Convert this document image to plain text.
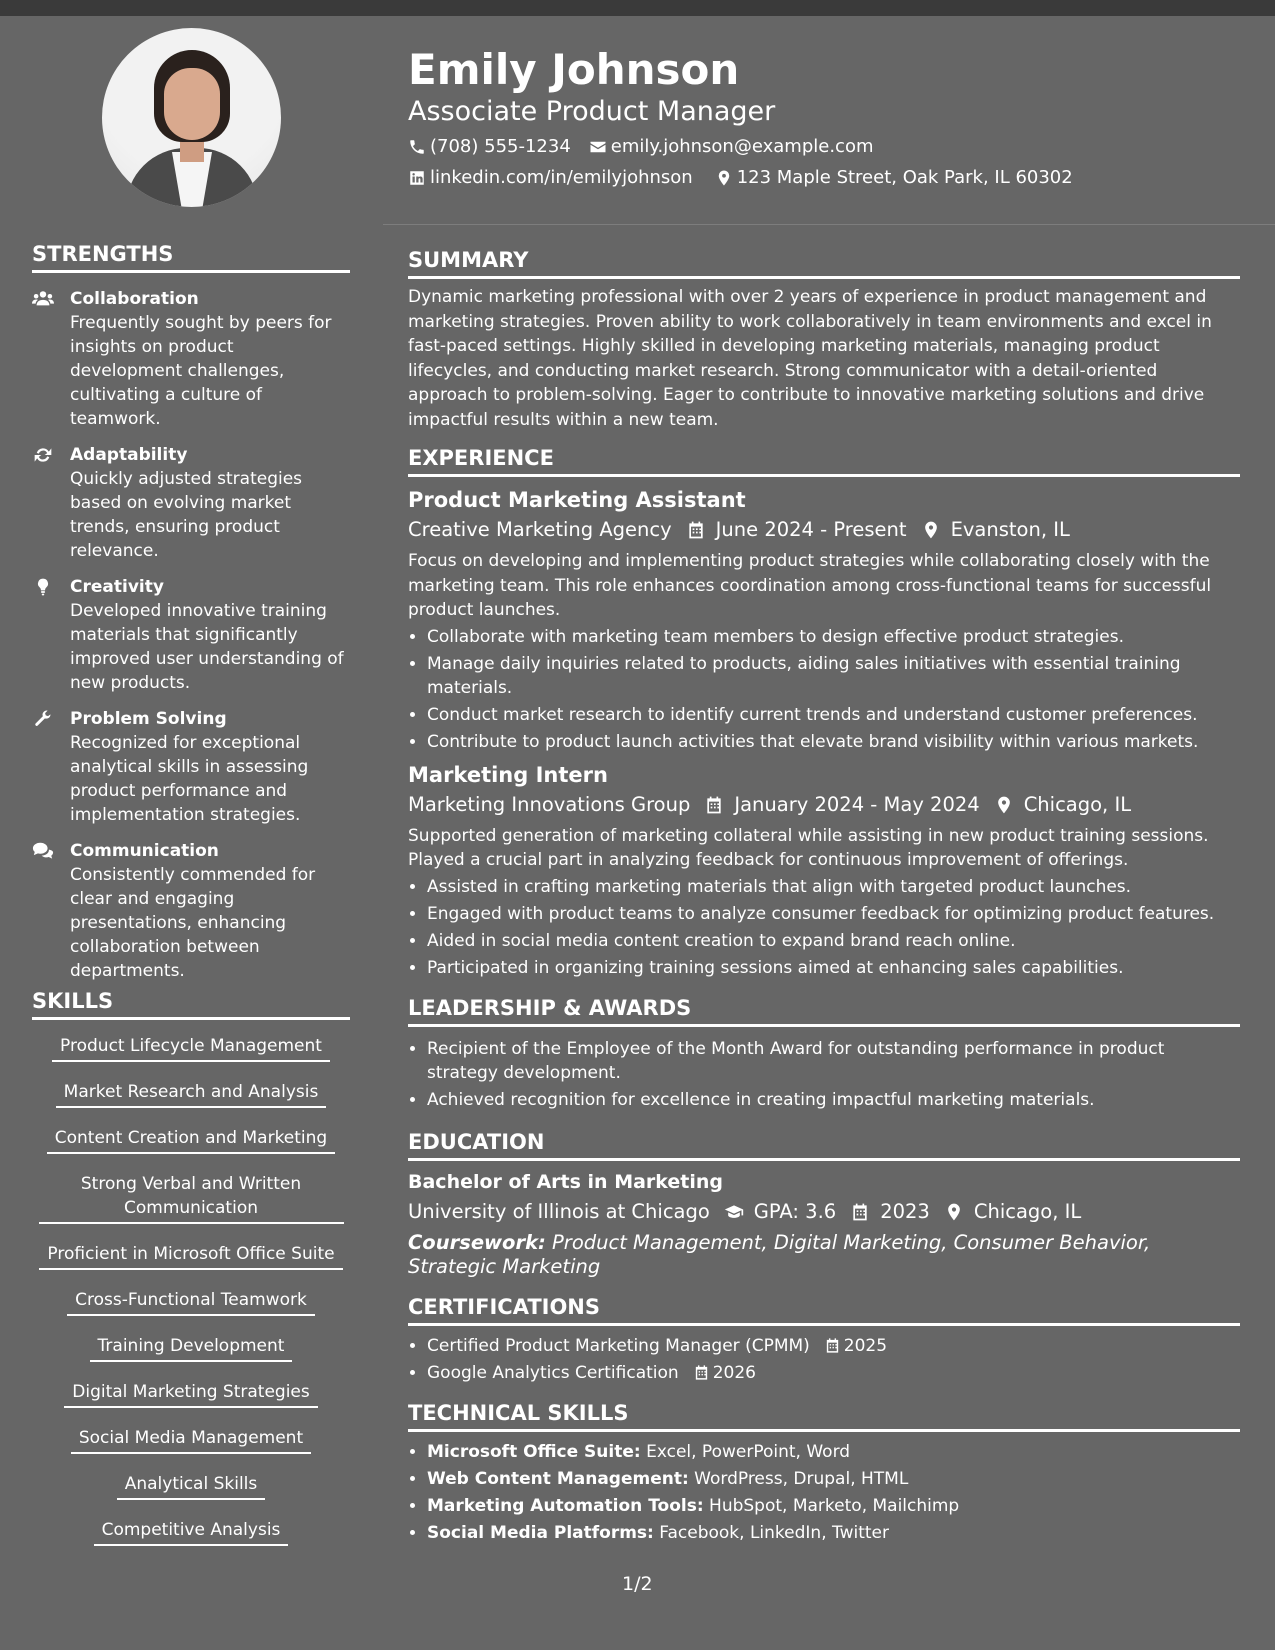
Emily Johnson
Associate Product Manager
(708) 555-1234 emily.johnson@example.com
linkedin.com/in/emilyjohnson 123 Maple Street, Oak Park, IL 60302
STRENGTHS
Collaboration
Frequently sought by peers for insights on product development challenges, cultivating a culture of teamwork.
Adaptability
Quickly adjusted strategies based on evolving market trends, ensuring product relevance.
Creativity
Developed innovative training materials that significantly improved user understanding of new products.
Problem Solving
Recognized for exceptional analytical skills in assessing product performance and implementation strategies.
Communication
Consistently commended for clear and engaging presentations, enhancing collaboration between departments.
SKILLS
Product Lifecycle Management
Market Research and Analysis
Content Creation and Marketing
Strong Verbal and Written Communication
Proficient in Microsoft Office Suite
Cross-Functional Teamwork
Training Development
Digital Marketing Strategies
Social Media Management
Analytical Skills
Competitive Analysis
SUMMARY

Dynamic marketing professional with over 2 years of experience in product management and marketing strategies. Proven ability to work collaboratively in team environments and excel in fast-paced settings. Highly skilled in developing marketing materials, managing product lifecycles, and conducting market research. Strong communicator with a detail-oriented approach to problem-solving. Eager to contribute to innovative marketing solutions and drive impactful results within a new team.

EXPERIENCE
Product Marketing Assistant
Creative Marketing Agency June 2024 - Present Evanston, IL

Focus on developing and implementing product strategies while collaborating closely with the marketing team. This role enhances coordination among cross-functional teams for successful product launches.

• Collaborate with marketing team members to design effective product strategies.
• Manage daily inquiries related to products, aiding sales initiatives with essential training materials.
• Conduct market research to identify current trends and understand customer preferences.
• Contribute to product launch activities that elevate brand visibility within various markets.
Marketing Intern
Marketing Innovations Group January 2024 - May 2024 Chicago, IL

Supported generation of marketing collateral while assisting in new product training sessions. Played a crucial part in analyzing feedback for continuous improvement of offerings.

• Assisted in crafting marketing materials that align with targeted product launches.
• Engaged with product teams to analyze consumer feedback for optimizing product features.
• Aided in social media content creation to expand brand reach online.
• Participated in organizing training sessions aimed at enhancing sales capabilities.
LEADERSHIP & AWARDS
• Recipient of the Employee of the Month Award for outstanding performance in product strategy development.
• Achieved recognition for excellence in creating impactful marketing materials.
EDUCATION
Bachelor of Arts in Marketing
University of Illinois at Chicago GPA: 3.6 2023 Chicago, IL
Coursework: Product Management, Digital Marketing, Consumer Behavior, Strategic Marketing
CERTIFICATIONS
• Certified Product Marketing Manager (CPMM) 2025
• Google Analytics Certification 2026
TECHNICAL SKILLS
• Microsoft Office Suite: Excel, PowerPoint, Word
• Web Content Management: WordPress, Drupal, HTML
• Marketing Automation Tools: HubSpot, Marketo, Mailchimp
• Social Media Platforms: Facebook, LinkedIn, Twitter
1/2
